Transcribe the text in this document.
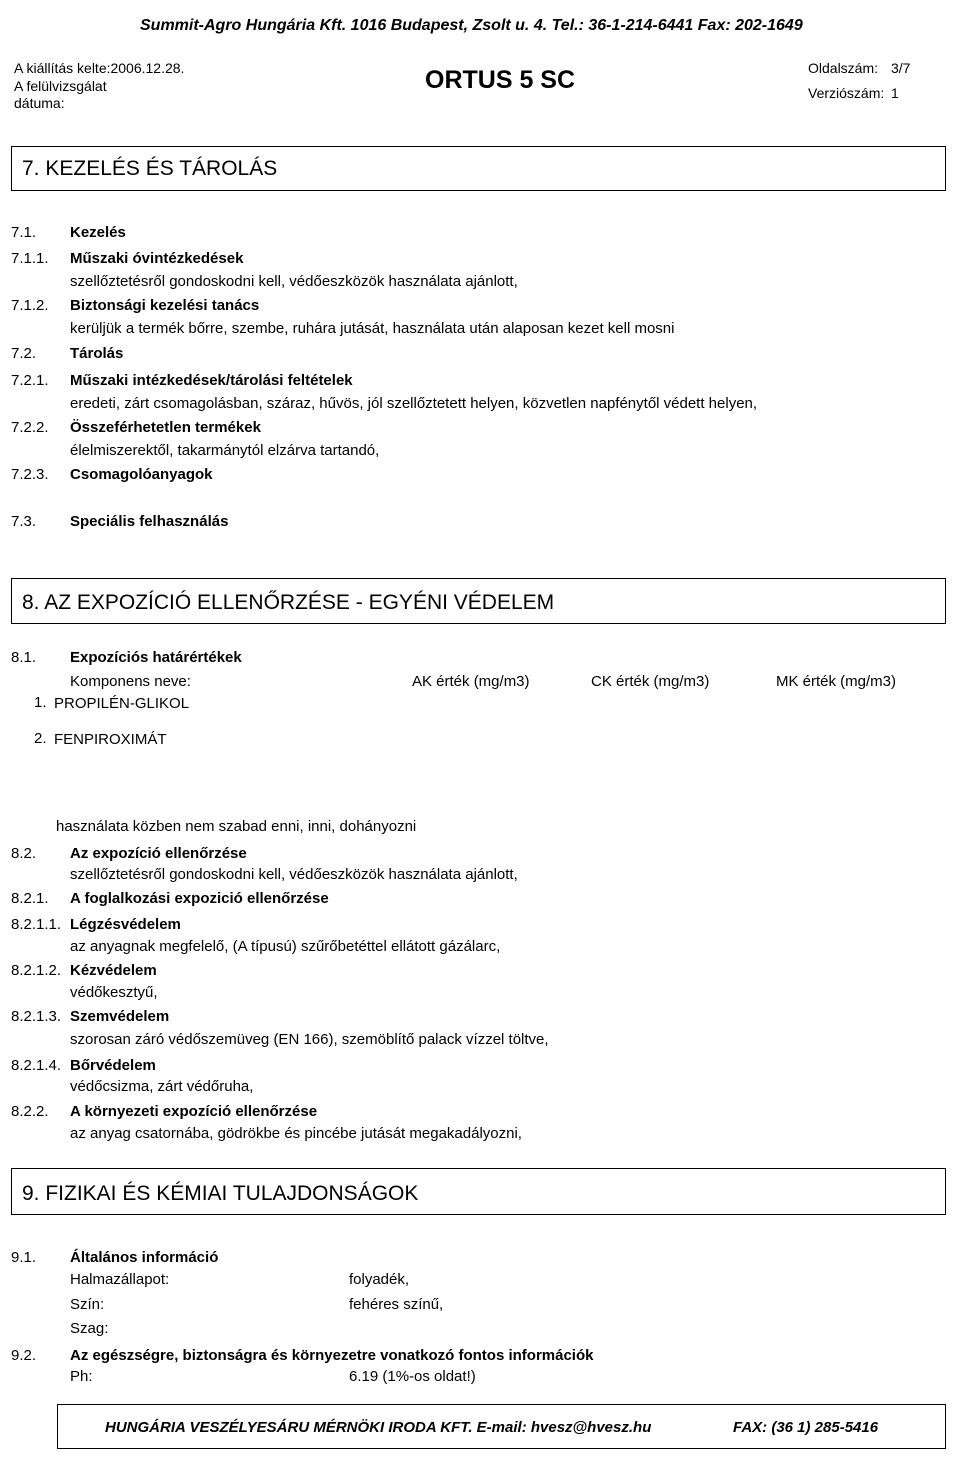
Summit-Agro Hungária Kft. 1016 Budapest, Zsolt u. 4. Tel.: 36-1-214-6441 Fax: 202-1649
A kiállítás kelte:2006.12.28.
A felülvizsgálat
dátuma:
ORTUS 5 SC	Oldalszám: 3/7
Verziószám: 1
7. KEZELÉS ÉS TÁROLÁS
7.1. Kezelés
7.1.1. Műszaki óvintézkedések
szellőztetésről gondoskodni kell, védőeszközök használata ajánlott,
7.1.2. Biztonsági kezelési tanács
kerüljük a termék bőrre, szembe, ruhára jutását, használata után alaposan kezet kell mosni
7.2. Tárolás
7.2.1. Műszaki intézkedések/tárolási feltételek
eredeti, zárt csomagolásban, száraz, hűvös, jól szellőztetett helyen, közvetlen napfénytől védett helyen,
7.2.2. Összeférhetetlen termékek
élelmiszerektől, takarmánytól elzárva tartandó,
7.2.3. Csomagolóanyagok
7.3. Speciális felhasználás
8. AZ EXPOZÍCIÓ ELLENŐRZÉSE - EGYÉNI VÉDELEM
8.1. Expozíciós határértékek
Komponens neve:	AK érték (mg/m3)	CK érték (mg/m3)	MK érték (mg/m3)
1. PROPILÉN-GLIKOL
2. FENPIROXIMÁT
használata közben nem szabad enni, inni, dohányozni
8.2. Az expozíció ellenőrzése
szellőztetésről gondoskodni kell, védőeszközök használata ajánlott,
8.2.1. A foglalkozási expozició ellenőrzése
8.2.1.1. Légzésvédelem
az anyagnak megfelelő, (A típusú) szűrőbetéttel ellátott gázálarc,
8.2.1.2. Kézvédelem
védőkesztyű,
8.2.1.3. Szemvédelem
szorosan záró védőszemüveg (EN 166), szemöblítő palack vízzel töltve,
8.2.1.4. Bőrvédelem
védőcsizma, zárt védőruha,
8.2.2. A környezeti expozíció ellenőrzése
az anyag csatornába, gödrökbe és pincébe jutását megakadályozni,
9. FIZIKAI ÉS KÉMIAI TULAJDONSÁGOK
9.1. Általános információ
Halmazállapot:	folyadék,
Szín:	fehéres színű,
Szag:
9.2. Az egészségre, biztonságra és környezetre vonatkozó fontos információk
Ph:	6.19 (1%-os oldat!)
HUNGÁRIA VESZÉLYESÁRU MÉRNÖKI IRODA KFT. E-mail: hvesz@hvesz.hu	FAX: (36 1) 285-5416
